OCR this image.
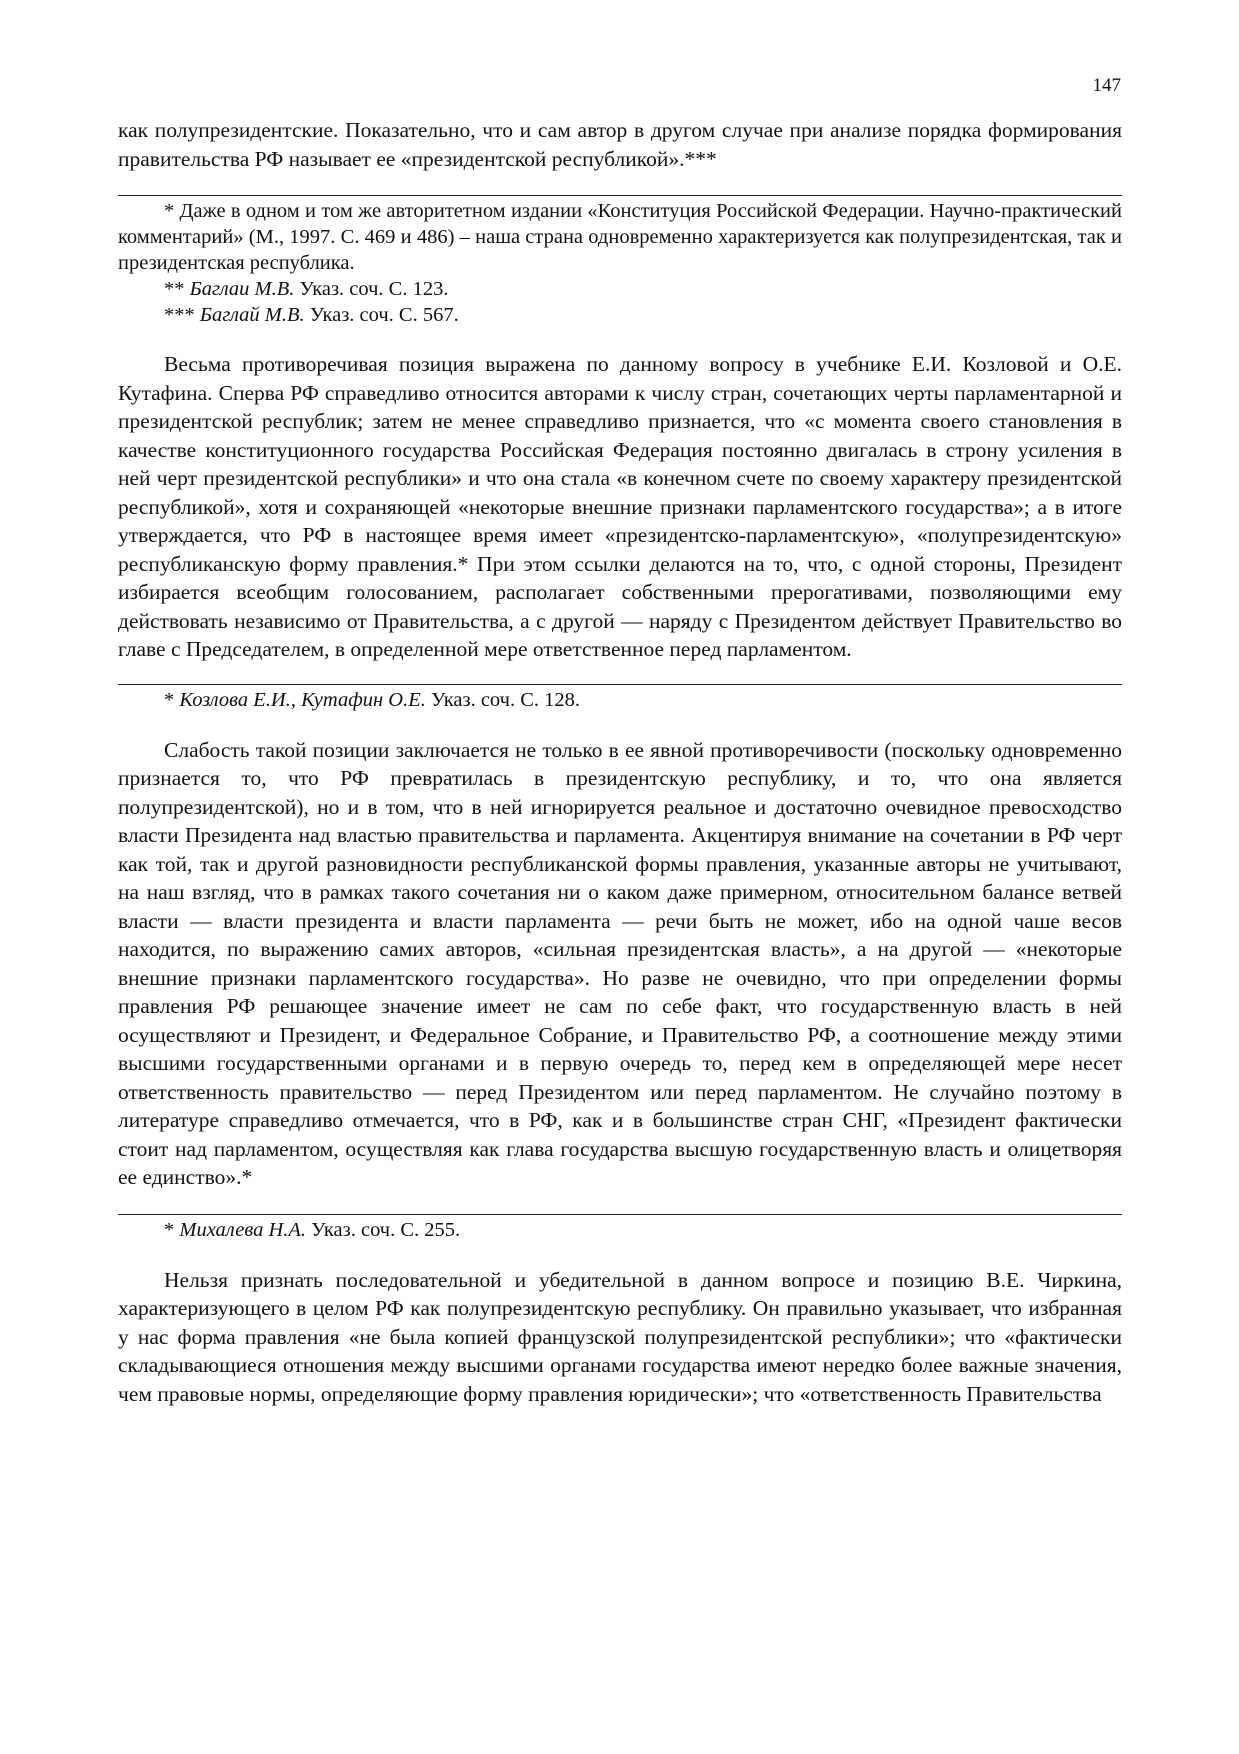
147

как полупрезидентские. Показательно, что и сам автор в другом случае при анализе порядка формирования правительства РФ называет ее «президентской республикой».***

* Даже в одном и том же авторитетном издании «Конституция Российской Федерации. Научно-практический комментарий» (М., 1997. С. 469 и 486) – наша страна одновременно характеризуется как полупрезидентская, так и президентская республика.

** Баглаи М.В. Указ. соч. С. 123.

*** Баглай М.В. Указ. соч. С. 567.

Весьма противоречивая позиция выражена по данному вопросу в учебнике Е.И. Козловой и О.Е. Кутафина. Сперва РФ справедливо относится авторами к числу стран, сочетающих черты парламентарной и президентской республик; затем не менее справедливо признается, что «с момента своего становления в качестве конституционного государства Российская Федерация постоянно двигалась в строну усиления в ней черт президентской республики» и что она стала «в конечном счете по своему характеру президентской республикой», хотя и сохраняющей «некоторые внешние признаки парламентского государства»; а в итоге утверждается, что РФ в настоящее время имеет «президентско-парламентскую», «полупрезидентскую» республиканскую форму правления.* При этом ссылки делаются на то, что, с одной стороны, Президент избирается всеобщим голосованием, располагает собственными прерогативами, позволяющими ему действовать независимо от Правительства, а с другой — наряду с Президентом действует Правительство во главе с Председателем, в определенной мере ответственное перед парламентом.

* Козлова Е.И., Кутафин О.Е. Указ. соч. С. 128.

Слабость такой позиции заключается не только в ее явной противоречивости (поскольку одновременно признается то, что РФ превратилась в президентскую республику, и то, что она является полупрезидентской), но и в том, что в ней игнорируется реальное и достаточно очевидное превосходство власти Президента над властью правительства и парламента. Акцентируя внимание на сочетании в РФ черт как той, так и другой разновидности республиканской формы правления, указанные авторы не учитывают, на наш взгляд, что в рамках такого сочетания ни о каком даже примерном, относительном балансе ветвей власти — власти президента и власти парламента — речи быть не может, ибо на одной чаше весов находится, по выражению самих авторов, «сильная президентская власть», а на другой — «некоторые внешние признаки парламентского государства». Но разве не очевидно, что при определении формы правления РФ решающее значение имеет не сам по себе факт, что государственную власть в ней осуществляют и Президент, и Федеральное Собрание, и Правительство РФ, а соотношение между этими высшими государственными органами и в первую очередь то, перед кем в определяющей мере несет ответственность правительство — перед Президентом или перед парламентом. Не случайно поэтому в литературе справедливо отмечается, что в РФ, как и в большинстве стран СНГ, «Президент фактически стоит над парламентом, осуществляя как глава государства высшую государственную власть и олицетворяя ее единство».*

* Михалева Н.А. Указ. соч. С. 255.

Нельзя признать последовательной и убедительной в данном вопросе и позицию В.Е. Чиркина, характеризующего в целом РФ как полупрезидентскую республику. Он правильно указывает, что избранная у нас форма правления «не была копией французской полупрезидентской республики»; что «фактически складывающиеся отношения между высшими органами государства имеют нередко более важные значения, чем правовые нормы, определяющие форму правления юридически»; что «ответственность Правительства
